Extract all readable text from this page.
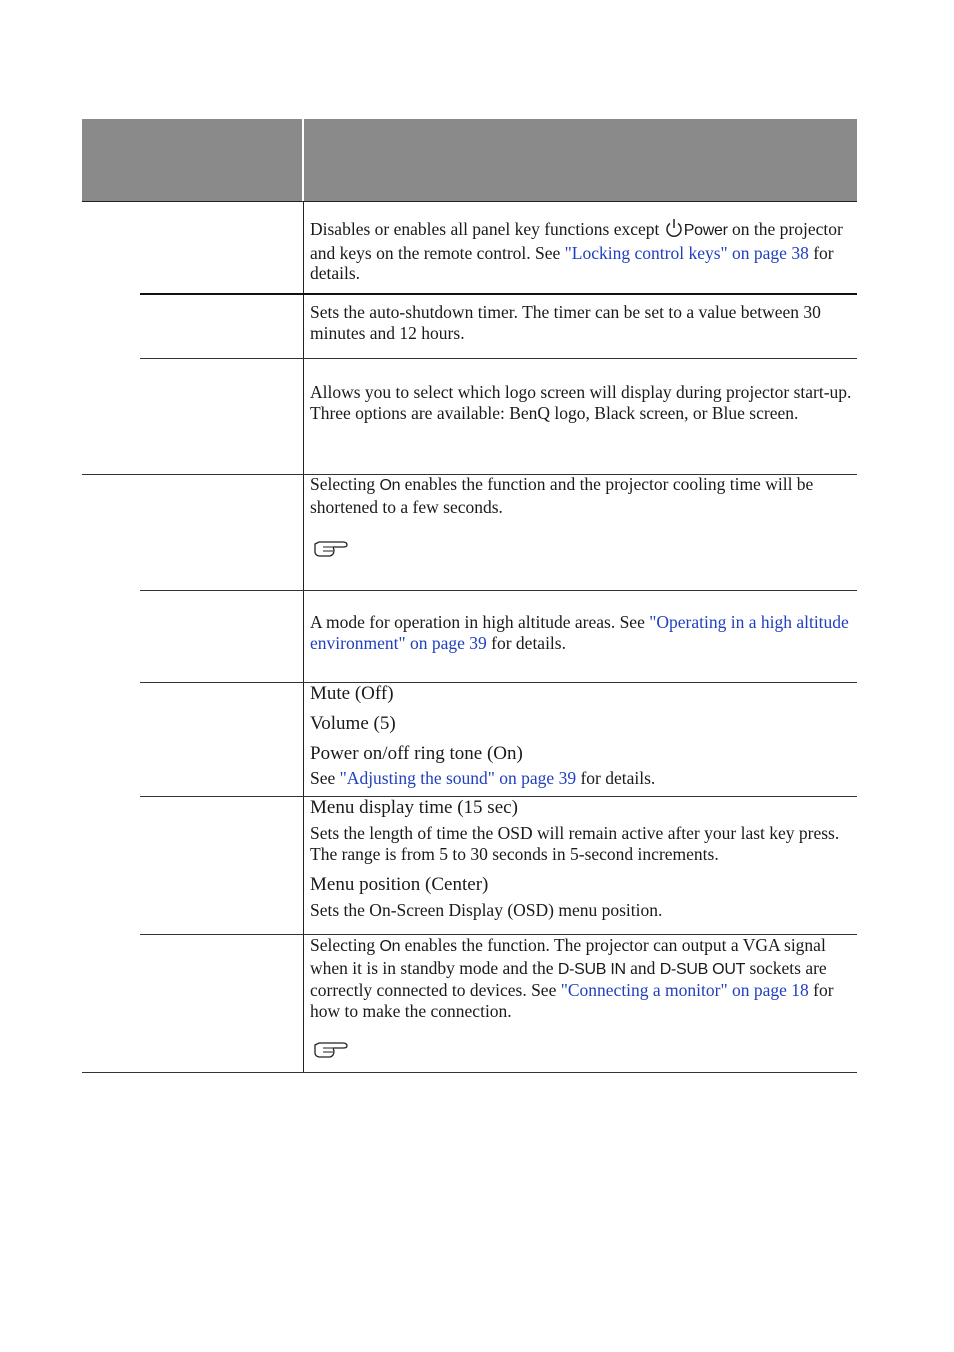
Disables or enables all panel key functions except Power on the projector and keys on the remote control. See "Locking control keys" on page 38 for details.

Sets the auto-shutdown timer. The timer can be set to a value between 30 minutes and 12 hours.

Allows you to select which logo screen will display during projector start-up. Three options are available: BenQ logo, Black screen, or Blue screen.

Selecting On enables the function and the projector cooling time will be shortened to a few seconds.

A mode for operation in high altitude areas. See "Operating in a high altitude environment" on page 39 for details.

Mute (Off)

Volume (5)

Power on/off ring tone (On)

See "Adjusting the sound" on page 39 for details.

Menu display time (15 sec)

Sets the length of time the OSD will remain active after your last key press. The range is from 5 to 30 seconds in 5-second increments.

Menu position (Center)

Sets the On-Screen Display (OSD) menu position.

Selecting On enables the function. The projector can output a VGA signal when it is in standby mode and the D-SUB IN and D-SUB OUT sockets are correctly connected to devices. See "Connecting a monitor" on page 18 for how to make the connection.
